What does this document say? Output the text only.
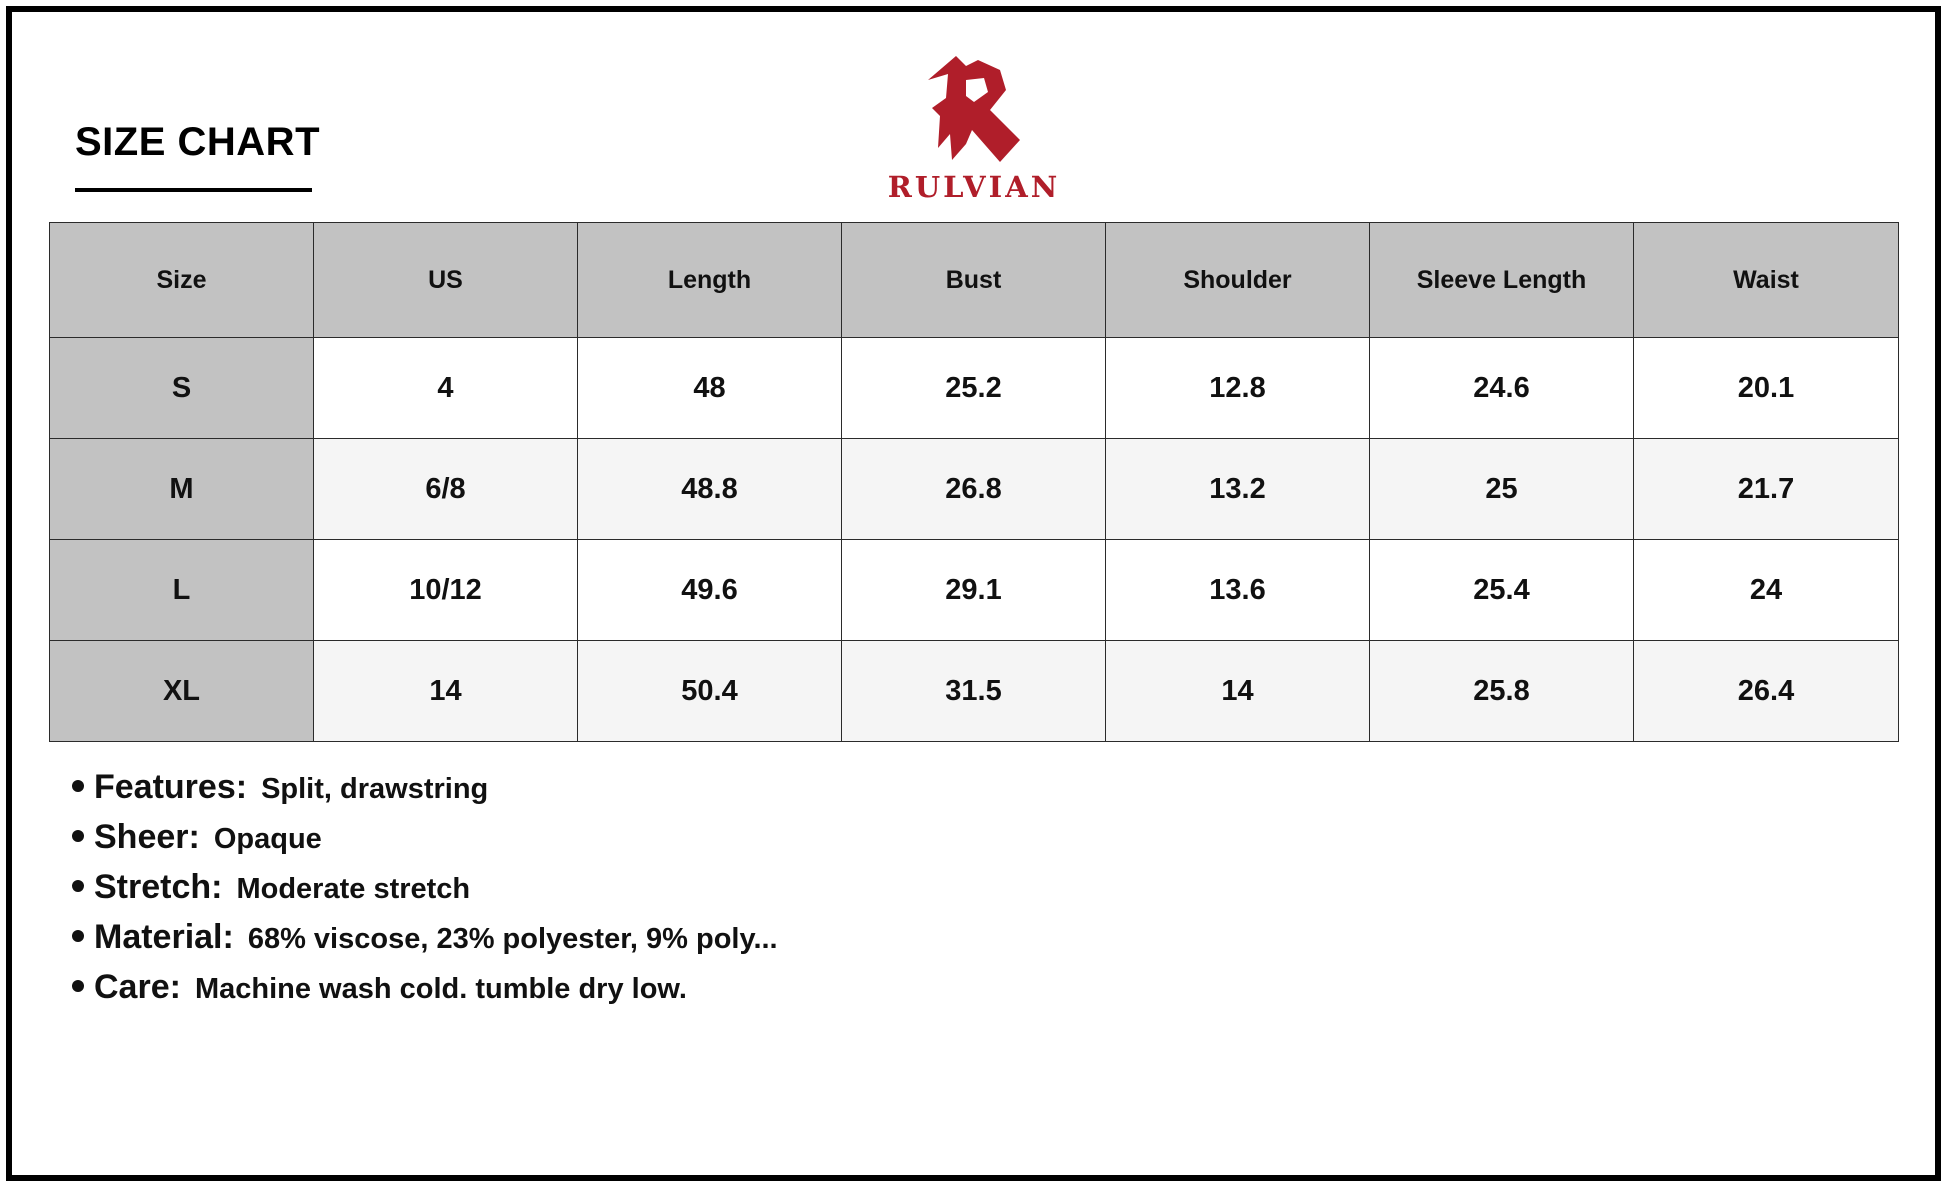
SIZE CHART
RULVIAN
Size	US	Length	Bust	Shoulder	Sleeve Length	Waist
S	4	48	25.2	12.8	24.6	20.1
M	6/8	48.8	26.8	13.2	25	21.7
L	10/12	49.6	29.1	13.6	25.4	24
XL	14	50.4	31.5	14	25.8	26.4
Features: Split, drawstring
Sheer: Opaque
Stretch: Moderate stretch
Material: 68% viscose, 23% polyester, 9% poly...
Care: Machine wash cold. tumble dry low.
